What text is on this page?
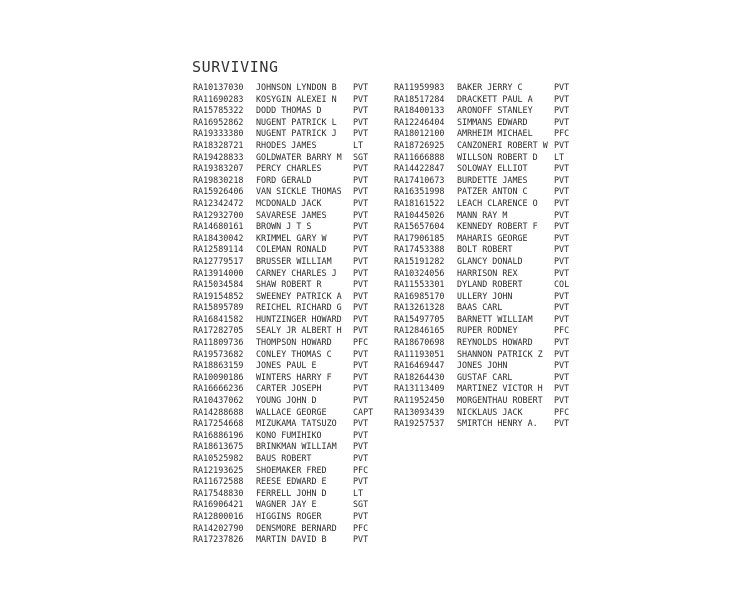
SURVIVING
RA10137030	JOHNSON LYNDON B	PVT
RA11690283	KOSYGIN ALEXEI N	PVT
RA15785322	DODD THOMAS D	PVT
RA16952862	NUGENT PATRICK L	PVT
RA19333380	NUGENT PATRICK J	PVT
RA18328721	RHODES JAMES	LT
RA19428833	GOLDWATER BARRY M	SGT
RA19383207	PERCY CHARLES	PVT
RA19830218	FORD GERALD	PVT
RA15926406	VAN SICKLE THOMAS	PVT
RA12342472	MCDONALD JACK	PVT
RA12932700	SAVARESE JAMES	PVT
RA14680161	BROWN J T S	PVT
RA18430042	KRIMMEL GARY W	PVT
RA12589114	COLEMAN RONALD	PVT
RA12779517	BRUSSER WILLIAM	PVT
RA13914000	CARNEY CHARLES J	PVT
RA15034584	SHAW ROBERT R	PVT
RA19154852	SWEENEY PATRICK A	PVT
RA15895789	REICHEL RICHARD G	PVT
RA16841582	HUNTZINGER HOWARD	PVT
RA17282705	SEALY JR ALBERT H	PVT
RA11809736	THOMPSON HOWARD	PFC
RA19573682	CONLEY THOMAS C	PVT
RA18863159	JONES PAUL E	PVT
RA10090186	WINTERS HARRY F	PVT
RA16666236	CARTER JOSEPH	PVT
RA10437062	YOUNG JOHN D	PVT
RA14288688	WALLACE GEORGE	CAPT
RA17254668	MIZUKAMA TATSUZO	PVT
RA16886196	KONO FUMIHIKO	PVT
RA18613675	BRINKMAN WILLIAM	PVT
RA10525982	BAUS ROBERT	PVT
RA12193625	SHOEMAKER FRED	PFC
RA11672588	REESE EDWARD E	PVT
RA17548830	FERRELL JOHN D	LT
RA16906421	WAGNER JAY E	SGT
RA12800016	HIGGINS ROGER	PVT
RA14202790	DENSMORE BERNARD	PFC
RA17237826	MARTIN DAVID B	PVT
RA11959983	BAKER JERRY C	PVT
RA18517284	DRACKETT PAUL A	PVT
RA18400133	ARONOFF STANLEY	PVT
RA12246404	SIMMANS EDWARD	PVT
RA18012100	AMRHEIM MICHAEL	PFC
RA18726925	CANZONERI ROBERT W PVT
RA11666888	WILLSON ROBERT D	LT
RA14422847	SOLOWAY ELLIOT	PVT
RA17410673	BURDETTE JAMES	PVT
RA16351998	PATZER ANTON C	PVT
RA18161522	LEACH CLARENCE O	PVT
RA10445026	MANN RAY M	PVT
RA15657604	KENNEDY ROBERT F	PVT
RA17906185	MAHARIS GEORGE	PVT
RA17453388	BOLT ROBERT	PVT
RA15191282	GLANCY DONALD	PVT
RA10324056	HARRISON REX	PVT
RA11553301	DYLAND ROBERT	COL
RA16985170	ULLERY JOHN	PVT
RA13261328	BAAS CARL	PVT
RA15497705	BARNETT WILLIAM	PVT
RA12846165	RUPER RODNEY	PFC
RA18670698	REYNOLDS HOWARD	PVT
RA11193051	SHANNON PATRICK Z	PVT
RA16469447	JONES JOHN	PVT
RA18264430	GUSTAF CARL	PVT
RA13113409	MARTINEZ VICTOR H	PVT
RA11952450	MORGENTHAU ROBERT	PVT
RA13093439	NICKLAUS JACK	PFC
RA19257537	SMIRTCH HENRY A.	PVT
